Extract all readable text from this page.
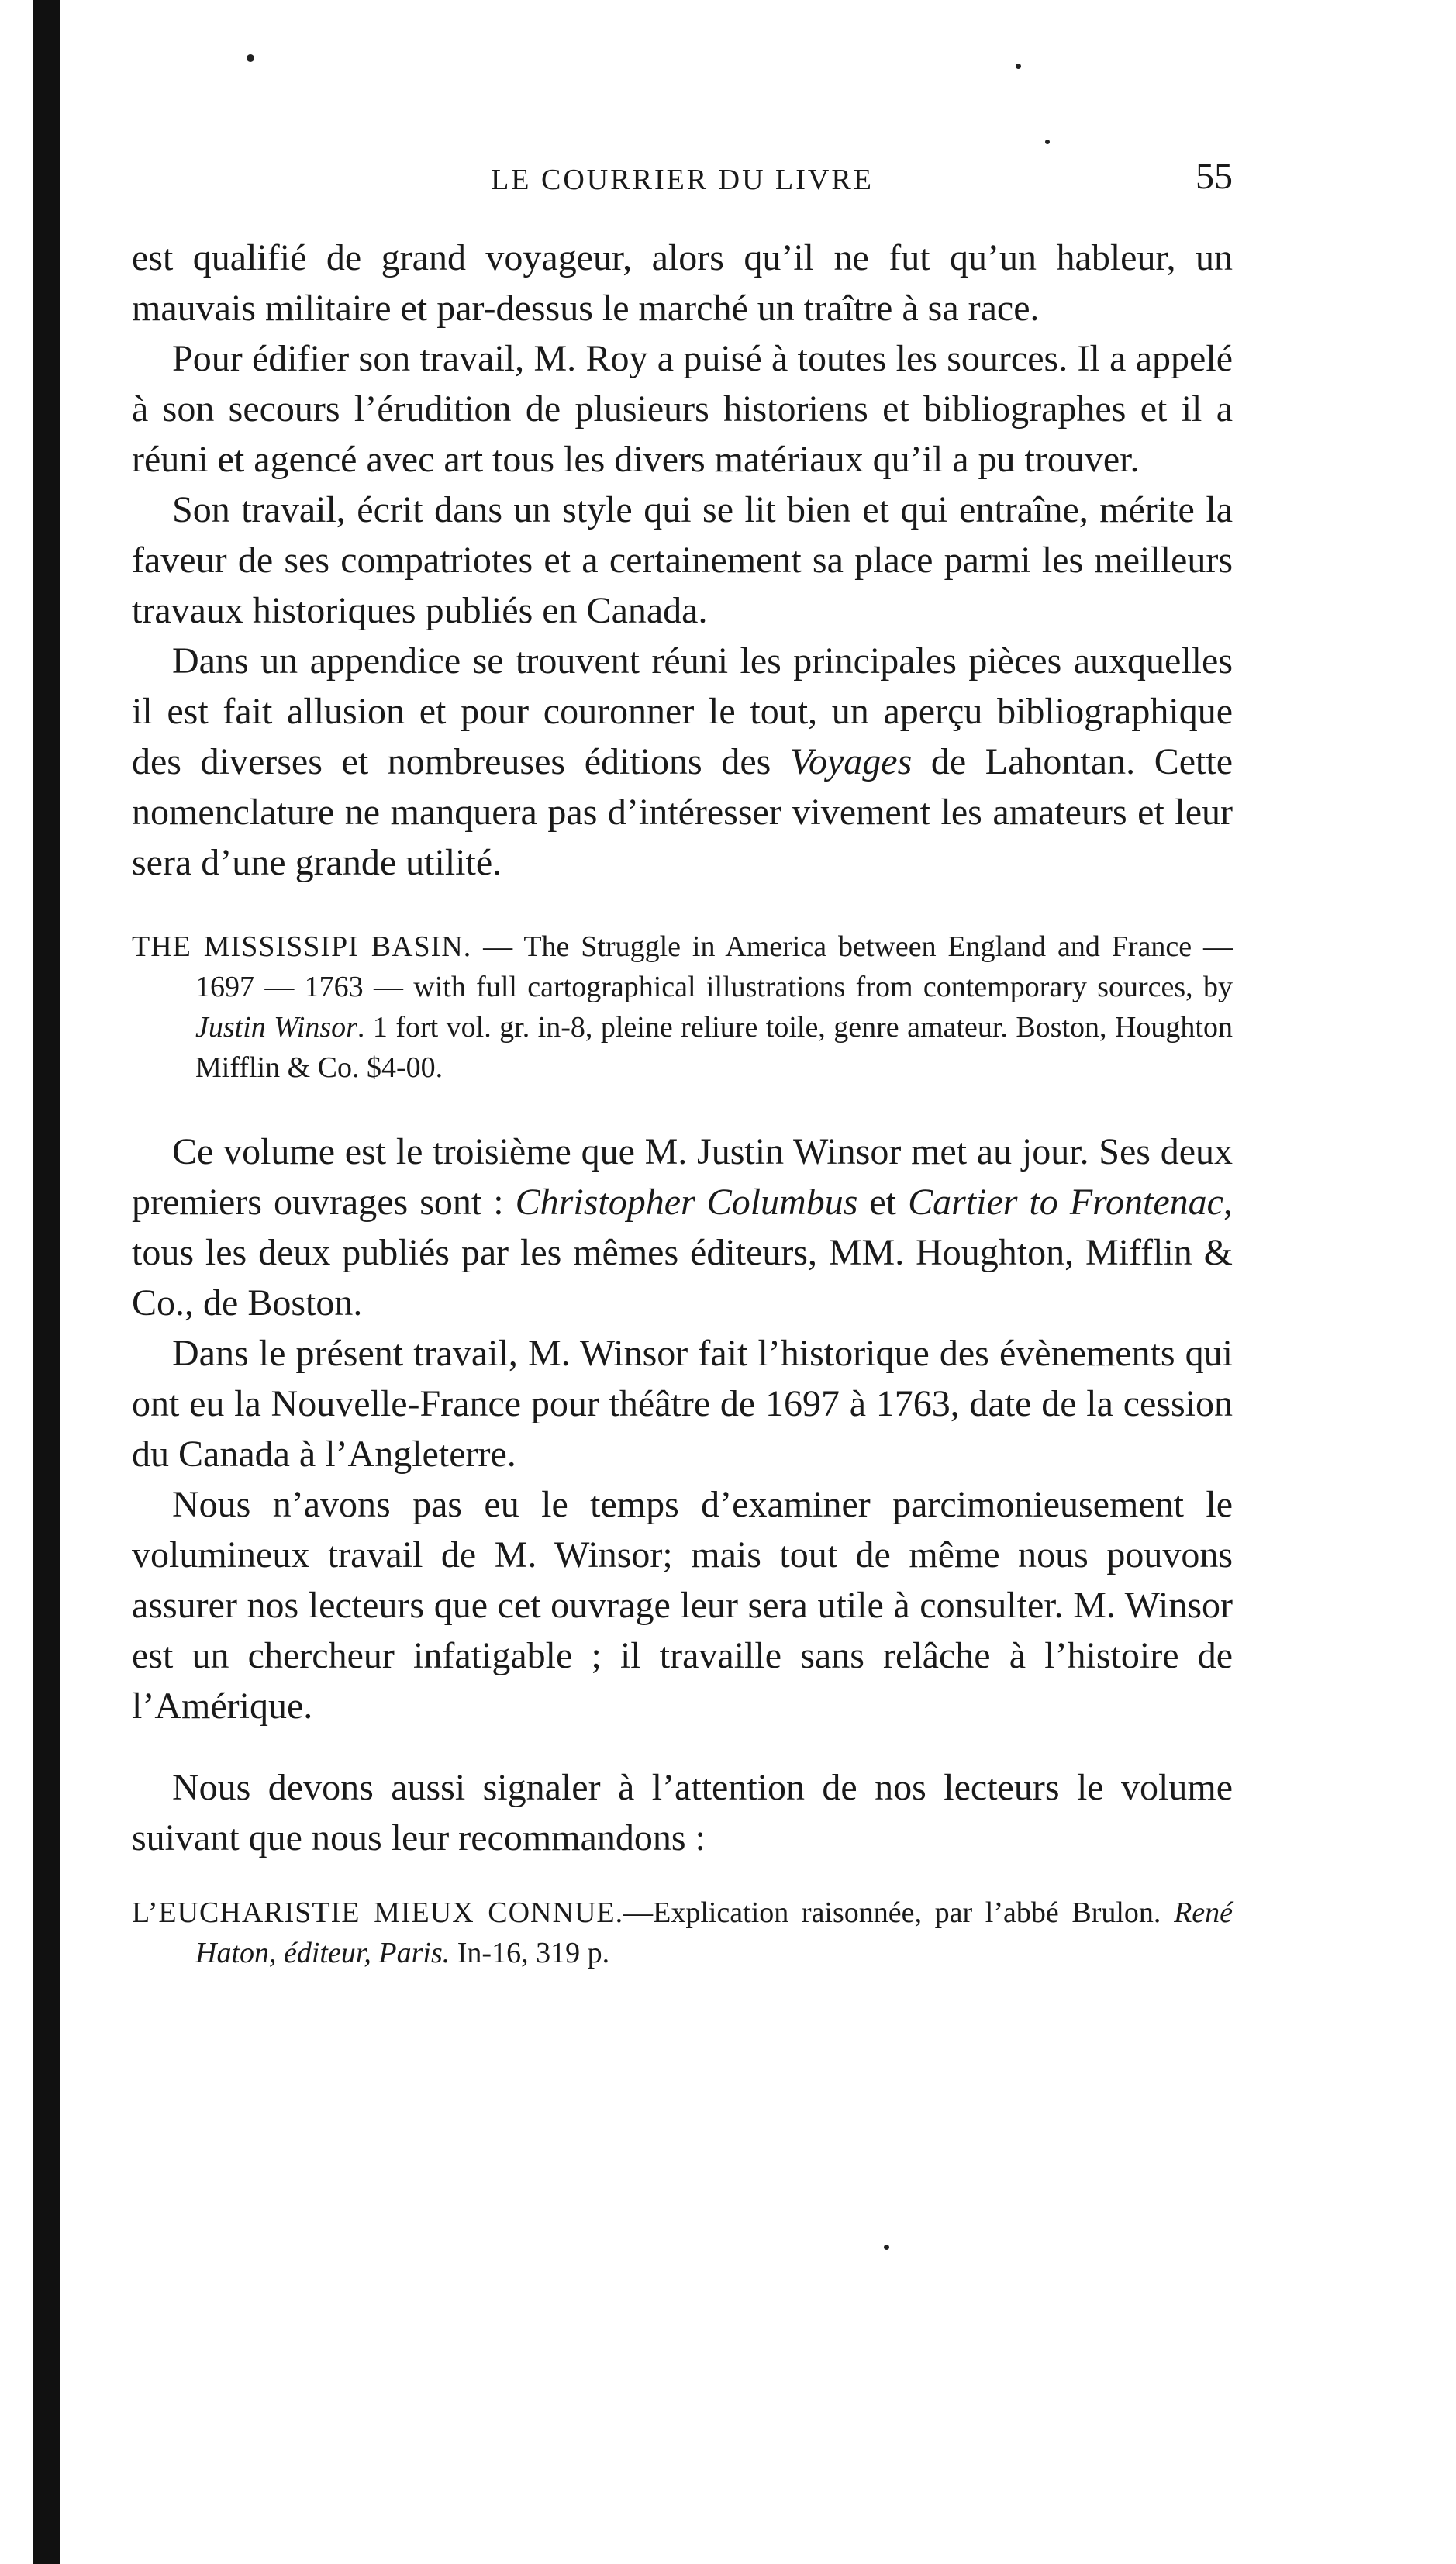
LE COURRIER DU LIVRE	55

est qualifié de grand voyageur, alors qu’il ne fut qu’un hableur, un mauvais militaire et par-dessus le marché un traître à sa race.

Pour édifier son travail, M. Roy a puisé à toutes les sources. Il a appelé à son secours l’érudition de plusieurs historiens et bibliographes et il a réuni et agencé avec art tous les divers matériaux qu’il a pu trouver.

Son travail, écrit dans un style qui se lit bien et qui entraîne, mérite la faveur de ses compatriotes et a certainement sa place parmi les meilleurs travaux historiques publiés en Canada.

Dans un appendice se trouvent réuni les principales pièces auxquelles il est fait allusion et pour couronner le tout, un aperçu bibliographique des diverses et nombreuses éditions des Voyages de Lahontan. Cette nomenclature ne manquera pas d’intéresser vivement les amateurs et leur sera d’une grande utilité.

THE MISSISSIPI BASIN. — The Struggle in America between England and France — 1697 — 1763 — with full cartographical illustrations from contemporary sources, by Justin Winsor. 1 fort vol. gr. in-8, pleine reliure toile, genre amateur. Boston, Houghton Mifflin & Co. $4-00.

Ce volume est le troisième que M. Justin Winsor met au jour. Ses deux premiers ouvrages sont : Christopher Columbus et Cartier to Frontenac, tous les deux publiés par les mêmes éditeurs, MM. Houghton, Mifflin & Co., de Boston.

Dans le présent travail, M. Winsor fait l’historique des évènements qui ont eu la Nouvelle-France pour théâtre de 1697 à 1763, date de la cession du Canada à l’Angleterre.

Nous n’avons pas eu le temps d’examiner parcimonieusement le volumineux travail de M. Winsor; mais tout de même nous pouvons assurer nos lecteurs que cet ouvrage leur sera utile à consulter. M. Winsor est un chercheur infatigable ; il travaille sans relâche à l’histoire de l’Amérique.

Nous devons aussi signaler à l’attention de nos lecteurs le volume suivant que nous leur recommandons :

L’EUCHARISTIE MIEUX CONNUE.—Explication raisonnée, par l’abbé Brulon. René Haton, éditeur, Paris. In-16, 319 p.
